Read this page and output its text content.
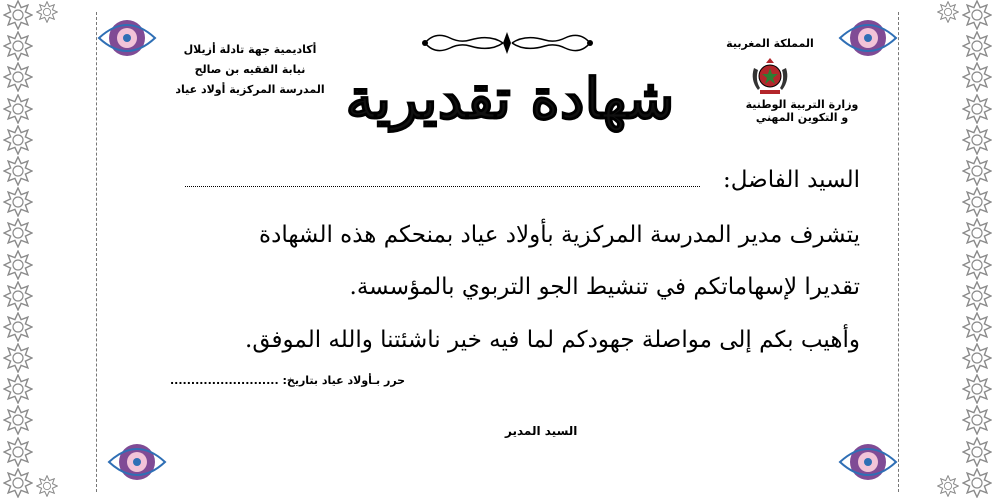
المملكة المغربية
وزارة التربية الوطنية
و التكوين المهني
أكاديمية جهة تادلة أزيلال
نيابة الفقيه بن صالح
المدرسة المركزية أولاد عياد شهادة تقديرية
السيد الفاضل:
يتشرف مدير المدرسة المركزية بأولاد عياد بمنحكم هذه الشهادة
تقديرا لإسهاماتكم في تنشيط الجو التربوي بالمؤسسة.
وأهيب بكم إلى مواصلة جهودكم لما فيه خير ناشئتنا والله الموفق.
.......................... حرر بـأولاد عياد بتاريخ:
السيد المدير
